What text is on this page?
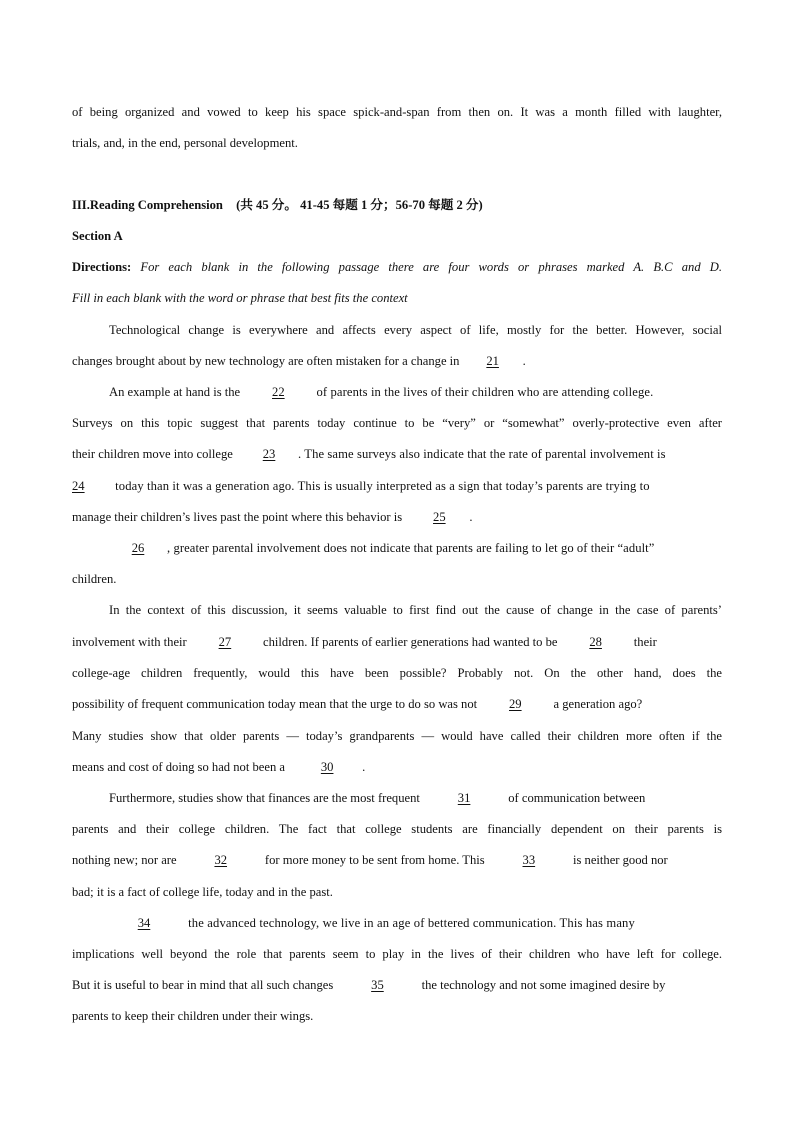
of being organized and vowed to keep his space spick-and-span from then on. It was a month filled with laughter,
trials, and, in the end, personal development.
III.Reading Comprehension (共 45 分。 41-45 每题 1 分；56-70 每题 2 分)
Section A
Directions: For each blank in the following passage there are four words or phrases marked A. B.C and D.
Fill in each blank with the word or phrase that best fits the context
Technological change is everywhere and affects every aspect of life, mostly for the better. However, social
changes brought about by new technology are often mistaken for a change in 21 .
An example at hand is the	22	of parents in the lives of their children who are attending college.
Surveys on this topic suggest that parents today continue to be “very” or “somewhat” overly-protective even after
their children move into college 23 . The same surveys also indicate that the rate of parental involvement is
24 today than it was a generation ago. This is usually interpreted as a sign that today’s parents are trying to
manage their children’s lives past the point where this behavior is 25 .
26 , greater parental involvement does not indicate that parents are failing to let go of their “adult”
children.
In the context of this discussion, it seems valuable to first find out the cause of change in the case of parents’
involvement with their	27	children. If parents of earlier generations had wanted to be	28	their
college-age children frequently, would this have been possible? Probably not. On the other hand, does the
possibility of frequent communication today mean that the urge to do so was not	29	a generation ago?
Many studies show that older parents — today’s grandparents — would have called their children more often if the
means and cost of doing so had not been a	30 .
Furthermore, studies show that finances are the most frequent	31	of communication between
parents and their college children. The fact that college students are financially dependent on their parents is
nothing new; nor are	32	for more money to be sent from home. This	33	is neither good nor
bad; it is a fact of college life, today and in the past.
34	the advanced technology, we live in an age of bettered communication. This has many
implications well beyond the role that parents seem to play in the lives of their children who have left for college.
But it is useful to bear in mind that all such changes	35	the technology and not some imagined desire by
parents to keep their children under their wings.
